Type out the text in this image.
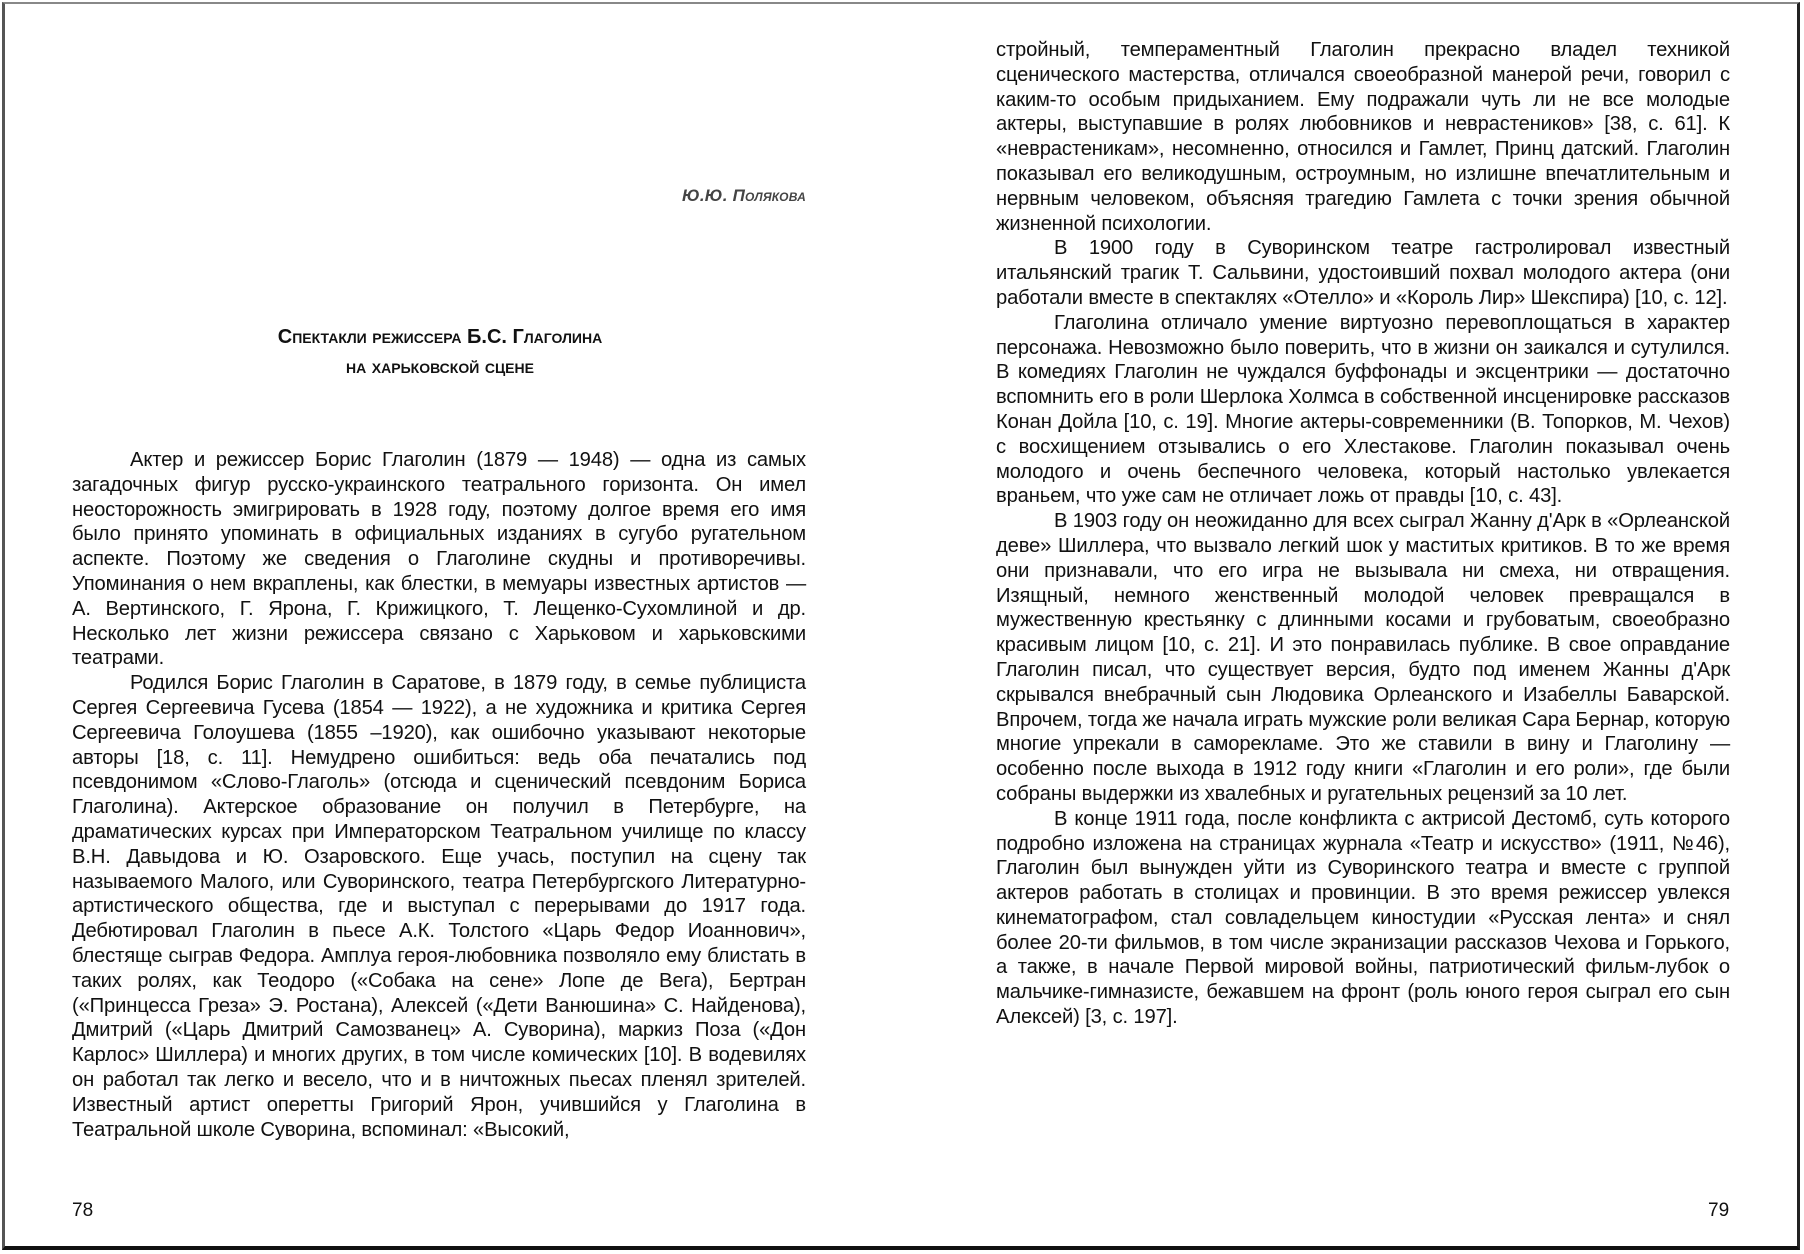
Ю.Ю. Полякова
Спектакли режиссера Б.С. Глаголина
на харьковской сцене

Актер и режиссер Борис Глаголин (1879 — 1948) — одна из самых загадочных фигур русско-украинского театрального горизонта. Он имел неосторожность эмигрировать в 1928 году, поэтому долгое время его имя было принято упоминать в официальных изданиях в сугубо ругательном аспекте. Поэтому же сведения о Глаголине скудны и противоречивы. Упоминания о нем вкраплены, как блестки, в мемуары известных артистов — А. Вертинского, Г. Ярона, Г. Крижицкого, Т. Лещенко-Сухомлиной и др. Несколько лет жизни режиссера связано с Харьковом и харьковскими театрами.

Родился Борис Глаголин в Саратове, в 1879 году, в семье публициста Сергея Сергеевича Гусева (1854 — 1922), а не художника и критика Сергея Сергеевича Голоушева (1855 –1920), как ошибочно указывают некоторые авторы [18, с. 11]. Немудрено ошибиться: ведь оба печатались под псевдонимом «Слово-Глаголь» (отсюда и сценический псевдоним Бориса Глаголина). Актерское образование он получил в Петербурге, на драматических курсах при Императорском Театральном училище по классу В.Н. Давыдова и Ю. Озаровского. Еще учась, поступил на сцену так называемого Малого, или Суворинского, театра Петербургского Литературно-артистического общества, где и выступал с перерывами до 1917 года. Дебютировал Глаголин в пьесе А.К. Толстого «Царь Федор Иоаннович», блестяще сыграв Федора. Амплуа героя-любовника позволяло ему блистать в таких ролях, как Теодоро («Собака на сене» Лопе де Вега), Бертран («Принцесса Греза» Э. Ростана), Алексей («Дети Ванюшина» С. Найденова), Дмитрий («Царь Дмитрий Самозванец» А. Суворина), маркиз Поза («Дон Карлос» Шиллера) и многих других, в том числе комических [10]. В водевилях он работал так легко и весело, что и в ничтожных пьесах пленял зрителей. Известный артист оперетты Григорий Ярон, учившийся у Глаголина в Театральной школе Суворина, вспоминал: «Высокий,

78

стройный, темпераментный Глаголин прекрасно владел техникой сценического мастерства, отличался своеобразной манерой речи, говорил с каким-то особым придыханием. Ему подражали чуть ли не все молодые актеры, выступавшие в ролях любовников и неврастеников» [38, с. 61]. К «неврастеникам», несомненно, относился и Гамлет, Принц датский. Глаголин показывал его великодушным, остроумным, но излишне впечатлительным и нервным человеком, объясняя трагедию Гамлета с точки зрения обычной жизненной психологии.

В 1900 году в Суворинском театре гастролировал известный итальянский трагик Т. Сальвини, удостоивший похвал молодого актера (они работали вместе в спектаклях «Отелло» и «Король Лир» Шекспира) [10, с. 12].

Глаголина отличало умение виртуозно перевоплощаться в характер персонажа. Невозможно было поверить, что в жизни он заикался и сутулился. В комедиях Глаголин не чуждался буффонады и эксцентрики — достаточно вспомнить его в роли Шерлока Холмса в собственной инсценировке рассказов Конан Дойла [10, с. 19]. Многие актеры-современники (В. Топорков, М. Чехов) с восхищением отзывались о его Хлестакове. Глаголин показывал очень молодого и очень беспечного человека, который настолько увлекается враньем, что уже сам не отличает ложь от правды [10, с. 43].

В 1903 году он неожиданно для всех сыграл Жанну д'Арк в «Орлеанской деве» Шиллера, что вызвало легкий шок у маститых критиков. В то же время они признавали, что его игра не вызывала ни смеха, ни отвращения. Изящный, немного женственный молодой человек превращался в мужественную крестьянку с длинными косами и грубоватым, своеобразно красивым лицом [10, с. 21]. И это понравилась публике. В свое оправдание Глаголин писал, что существует версия, будто под именем Жанны д'Арк скрывался внебрачный сын Людовика Орлеанского и Изабеллы Баварской. Впрочем, тогда же начала играть мужские роли великая Сара Бернар, которую многие упрекали в саморекламе. Это же ставили в вину и Глаголину — особенно после выхода в 1912 году книги «Глаголин и его роли», где были собраны выдержки из хвалебных и ругательных рецензий за 10 лет.

В конце 1911 года, после конфликта с актрисой Дестомб, суть которого подробно изложена на страницах журнала «Театр и искусство» (1911, №46), Глаголин был вынужден уйти из Суворинского театра и вместе с группой актеров работать в столицах и провинции. В это время режиссер увлекся кинематографом, стал совладельцем киностудии «Русская лента» и снял более 20-ти фильмов, в том числе экранизации рассказов Чехова и Горького, а также, в начале Первой мировой войны, патриотический фильм-лубок о мальчике-гимназисте, бежавшем на фронт (роль юного героя сыграл его сын Алексей) [3, с. 197].

79
